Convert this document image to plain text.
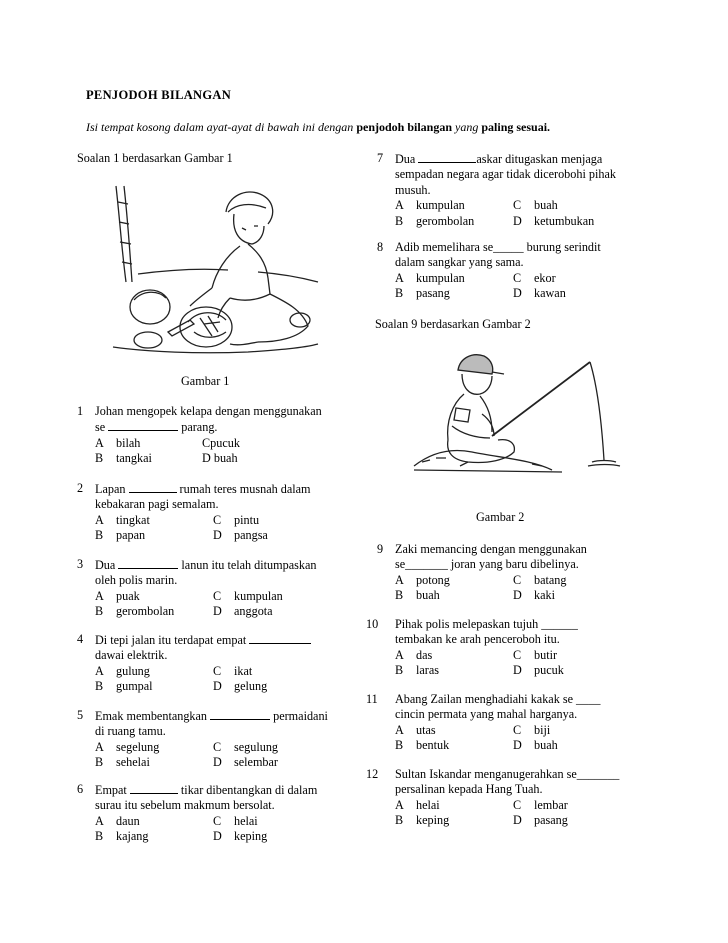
PENJODOH BILANGAN
Isi tempat kosong dalam ayat-ayat di bawah ini dengan penjodoh bilangan yang paling sesuai.
Soalan 1 berdasarkan Gambar 1
Gambar 1
1 Johan mengopek kelapa dengan menggunakan
se	parang.
A bilah	Cpucuk
B tangkai	D buah
2 Lapan	rumah teres musnah dalam
kebakaran pagi semalam.
A tingkat	C pintu
B papan	D pangsa
3 Dua	lanun itu telah ditumpaskan
oleh polis marin.
A puak	C kumpulan
B gerombolan	D anggota
4 Di tepi jalan itu terdapat empat
dawai elektrik.
A gulung	C ikat
B gumpal	D gelung
5 Emak membentangkan	permaidani
di ruang tamu.
A segelung	C segulung
B sehelai	D selembar
6 Empat	tikar dibentangkan di dalam
surau itu sebelum makmum bersolat.
A daun	C helai
B kajang	D keping
7 Dua	askar ditugaskan menjaga
sempadan negara agar tidak dicerobohi pihak
musuh.
A kumpulan	C buah
B gerombolan	D ketumbukan
8 Adib memelihara se_____ burung serindit
dalam sangkar yang sama.
A kumpulan	C ekor
B pasang	D kawan
Soalan 9 berdasarkan Gambar 2
Gambar 2
9 Zaki memancing dengan menggunakan
se_______ joran yang baru dibelinya.
A potong	C batang
B buah	D kaki
10 Pihak polis melepaskan tujuh ______
tembakan ke arah penceroboh itu.
A das	C butir
B laras	D pucuk
11 Abang Zailan menghadiahi kakak se ____
cincin permata yang mahal harganya.
A utas	C biji
B bentuk	D buah
12 Sultan Iskandar menganugerahkan se_______
persalinan kepada Hang Tuah.
A helai	C lembar
B keping	D pasang
